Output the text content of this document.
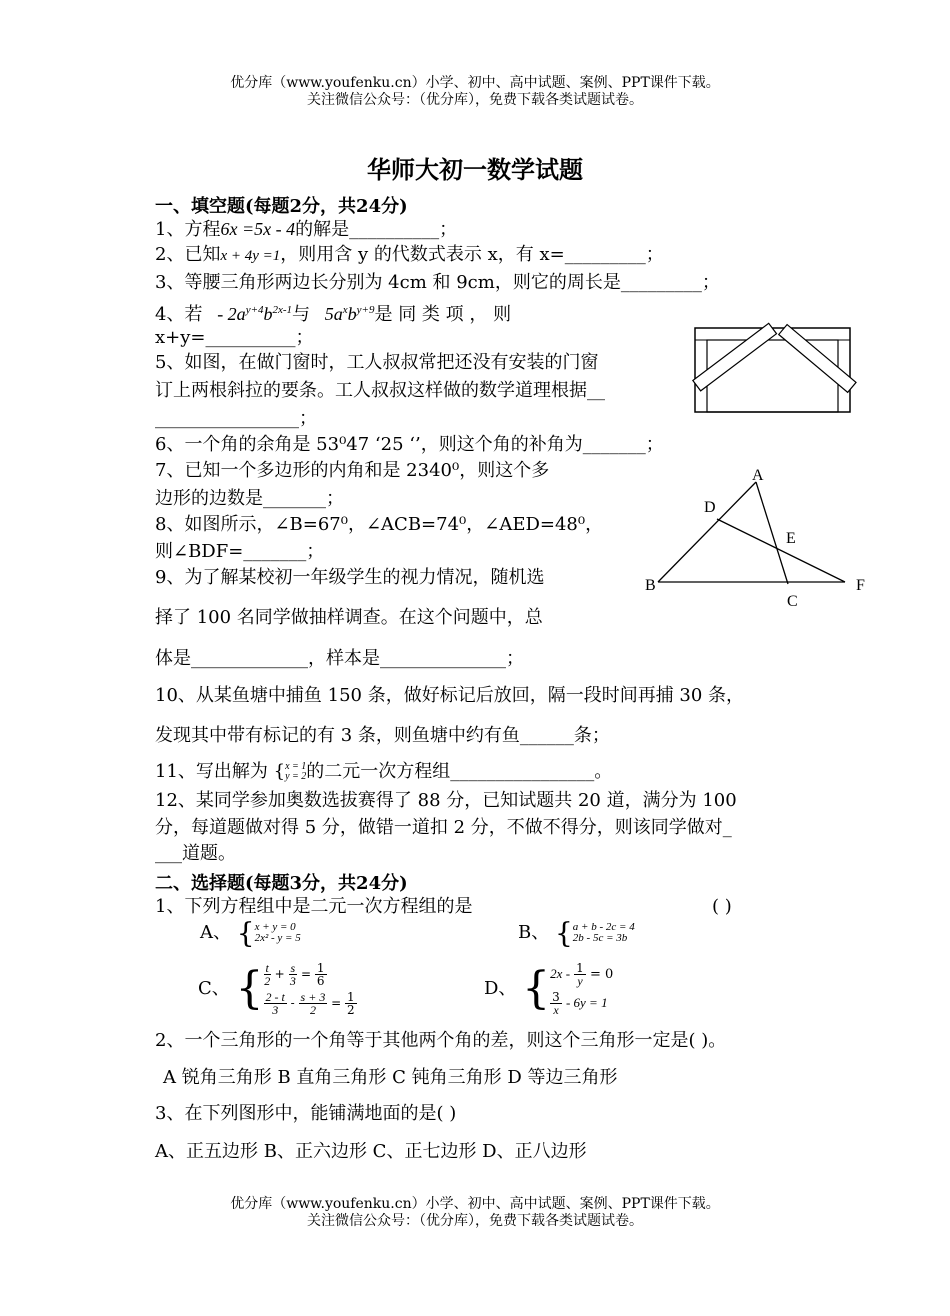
优分库（www.youfenku.cn）小学、初中、高中试题、案例、PPT课件下载。
关注微信公众号：（优分库），免费下载各类试题试卷。
华师大初一数学试题
一、填空题(每题2分，共24分)
1、方程6x =5x - 4的解是__________；
2、已知x + 4y =1，则用含 y 的代数式表示 x，有 x=_________；
3、等腰三角形两边长分别为 4cm 和 9cm，则它的周长是_________；
4、若 - $2a^{y+4}b^{2x-1}$与 $5a^xb^{y+9}$是 同 类 项 ， 则
x+y=__________；
5、如图，在做门窗时，工人叔叔常把还没有安装的门窗
订上两根斜拉的要条。工人叔叔这样做的数学道理根据__
________________；
6、一个角的余角是 53⁰47 ‘25 ‘’，则这个角的补角为_______；
7、已知一个多边形的内角和是 2340⁰，则这个多
边形的边数是_______；
8、如图所示，∠B=67⁰，∠ACB=74⁰，∠AED=48⁰，
则∠BDF=_______；
9、为了解某校初一年级学生的视力情况，随机选
择了 100 名同学做抽样调查。在这个问题中，总
体是_____________，样本是______________；
10、从某鱼塘中捕鱼 150 条，做好标记后放回，隔一段时间再捕 30 条，
发现其中带有标记的有 3 条，则鱼塘中约有鱼______条；
11、写出解为 { x = 1
y = 2 的二元一次方程组________________。
12、某同学参加奥数选拔赛得了 88 分，已知试题共 20 道，满分为 100
分，每道题做对得 5 分，做错一道扣 2 分，不做不得分，则该同学做对_
___道题。
二、选择题(每题3分，共24分)
1、下列方程组中是二元一次方程组的是	( )
A、 { x + y = 0
2x² - y = 5	B、 { a + b - 2c = 4
2b - 5c = 3b
C、 { $\frac{t}{2} + \frac{s}{3} = \frac{1}{6}$
$\frac{2 - t}{3} - \frac{s + 3}{2} = \frac{1}{2}$
D、 { $2x - \frac{1}{y} = 0$
$\frac{3}{x} - 6y = 1$
2、一个三角形的一个角等于其他两个角的差，则这个三角形一定是( )。
A 锐角三角形 B 直角三角形 C 钝角三角形 D 等边三角形
3、在下列图形中，能铺满地面的是( )
A、正五边形 B、正六边形 C、正七边形 D、正八边形
优分库（www.youfenku.cn）小学、初中、高中试题、案例、PPT课件下载。
关注微信公众号：（优分库），免费下载各类试题试卷。
A
B
C
D
E
F
